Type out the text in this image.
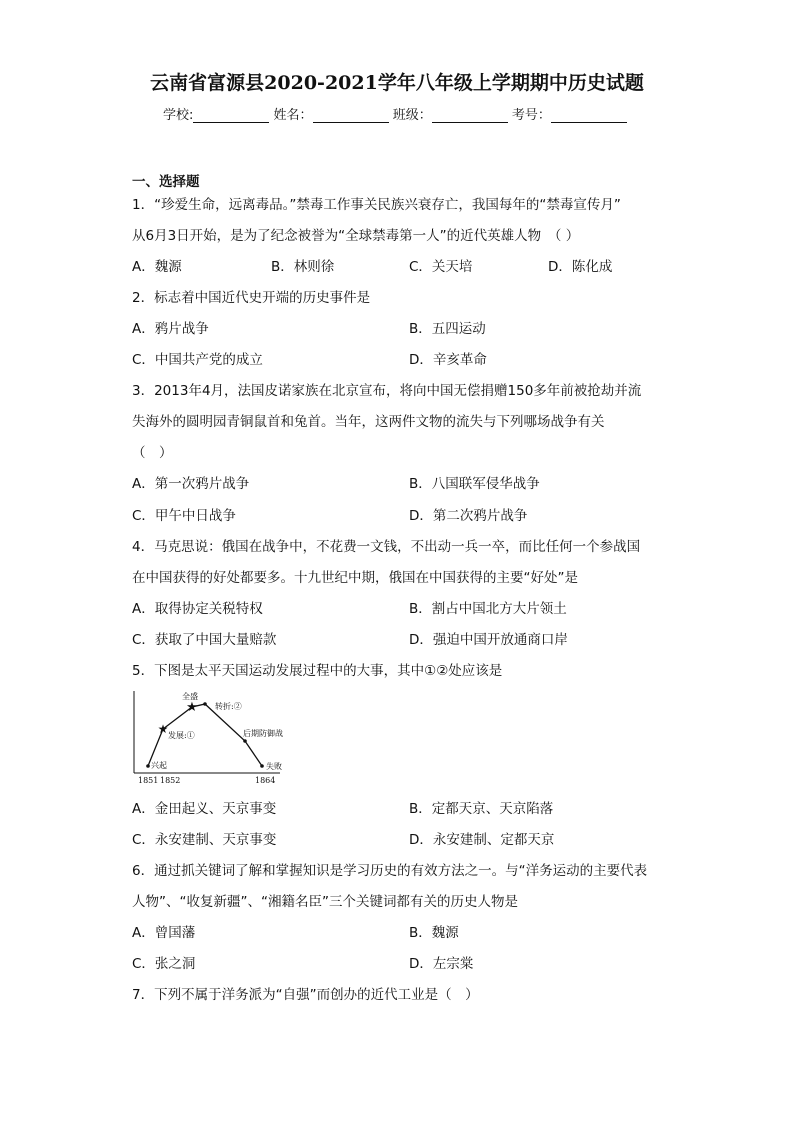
云南省富源县2020-2021学年八年级上学期期中历史试题
学校:	姓名：	班级：	考号：
一、选择题
1．“珍爱生命，远离毒品。”禁毒工作事关民族兴衰存亡，我国每年的“禁毒宣传月”
从6月3日开始，是为了纪念被誉为“全球禁毒第一人”的近代英雄人物　（ ）
A．魏源	B．林则徐	C．关天培	D．陈化成
2．标志着中国近代史开端的历史事件是
A．鸦片战争	B．五四运动
C．中国共产党的成立	D．辛亥革命
3．2013年4月，法国皮诺家族在北京宣布，将向中国无偿捐赠150多年前被抢劫并流
失海外的圆明园青铜鼠首和兔首。当年，这两件文物的流失与下列哪场战争有关
（　）
A．第一次鸦片战争	B．八国联军侵华战争
C．甲午中日战争	D．第二次鸦片战争
4．马克思说：俄国在战争中，不花费一文钱，不出动一兵一卒，而比任何一个参战国
在中国获得的好处都要多。十九世纪中期，俄国在中国获得的主要“好处”是
A．取得协定关税特权	B．割占中国北方大片领土
C．获取了中国大量赔款	D．强迫中国开放通商口岸
5．下图是太平天国运动发展过程中的大事，其中①②处应该是
★
★
兴起
发展:①
全盛
转折:②
后期防御战
失败
1851 1852	1864
A．金田起义、天京事变	B．定都天京、天京陷落
C．永安建制、天京事变	D．永安建制、定都天京
6．通过抓关键词了解和掌握知识是学习历史的有效方法之一。与“洋务运动的主要代表
人物”、“收复新疆”、“湘籍名臣”三个关键词都有关的历史人物是
A．曾国藩	B．魏源
C．张之洞	D．左宗棠
7．下列不属于洋务派为“自强”而创办的近代工业是（　）
